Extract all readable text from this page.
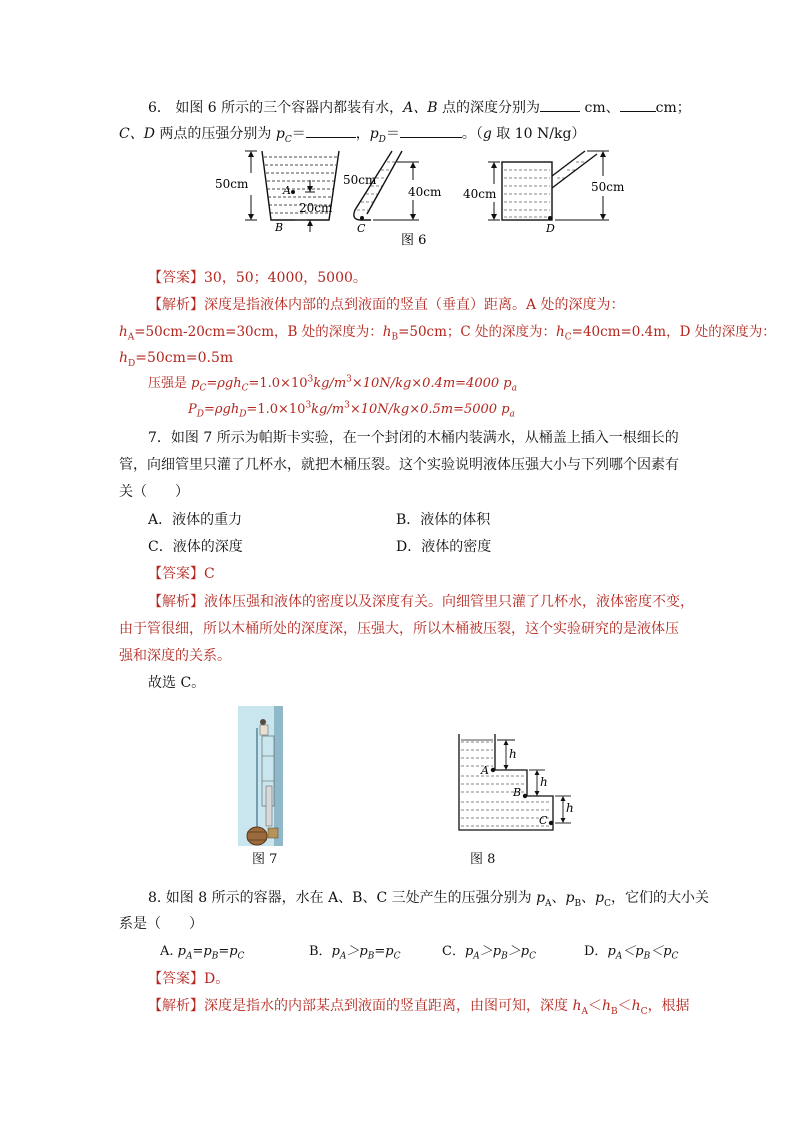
6． 如图 6 所示的三个容器内都装有水，A、B 点的深度分别为	cm、	cm；
C、D 两点的压强分别为 $p_C=$	，$p_D=$	。（g 取 10 N/kg）
50cm	A
B
20cm
C
50cm
40cm
D
40cm	50cm
图 6
【答案】30，50；4000，5000。
【解析】深度是指液体内部的点到液面的竖直（垂直）距离。A 处的深度为：
$h_A=50cm-20cm=30cm$，B 处的深度为：$h_B=50cm$；C 处的深度为：$h_C=40cm=0.4m$，D 处的深度为：
$h_D=50cm=0.5m$
压强是 $p_C=\rho gh_C=1.0\times 10^3kg/m^3\times 10N/kg\times 0.4m=4000$ $p_a$
$P_D=\rho gh_D=1.0\times 10^3kg/m^3\times 10N/kg\times 0.5m=5000$ $p_a$
7．如图 7 所示为帕斯卡实验，在一个封闭的木桶内装满水，从桶盖上插入一根细长的
管，向细管里只灌了几杯水，就把木桶压裂。这个实验说明液体压强大小与下列哪个因素有
关（　　）
A．液体的重力	B．液体的体积
C．液体的深度	D．液体的密度
【答案】C
【解析】液体压强和液体的密度以及深度有关。向细管里只灌了几杯水，液体密度不变，
由于管很细，所以木桶所处的深度深，压强大，所以木桶被压裂，这个实验研究的是液体压
强和深度的关系。
故选 C。
图 7
h
h
h
A
B
C
图 8
8. 如图 8 所示的容器，水在 A、B、C 三处产生的压强分别为 $p_A$、$p_B$、$p_C$，它们的大小关
系是（　　）
A. $p_A=p_B=p_C$	B．$p_A>p_B=p_C$	C．$p_A>p_B>p_C$	D．$p_A<p_B<p_C$
【答案】D。
【解析】深度是指水的内部某点到液面的竖直距离，由图可知，深度 $h_A<h_B<h_C$，根据
